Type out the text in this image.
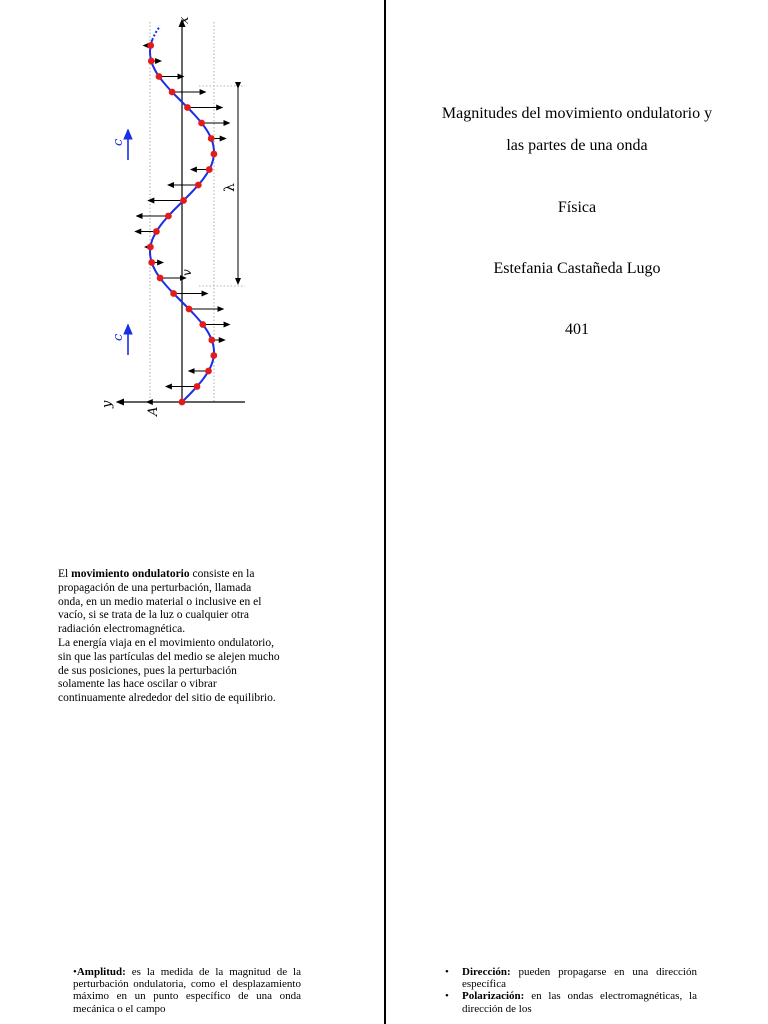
x
y
A
λ
v
c
c

El movimiento ondulatorio consiste en la

propagación de una perturbación, llamada

onda, en un medio material o inclusive en el

vacío, si se trata de la luz o cualquier otra

radiación electromagnética.

La energía viaja en el movimiento ondulatorio,

sin que las partículas del medio se alejen mucho

de sus posiciones, pues la perturbación

solamente las hace oscilar o vibrar

continuamente alrededor del sitio de equilibrio.

•Amplitud: es la medida de la magnitud de la perturbación ondulatoria, como el desplazamiento máximo en un punto específico de una onda mecánica o el campo
Magnitudes del movimiento ondulatorio y
las partes de una onda
Física
Estefania Castañeda Lugo
401
• Dirección: pueden propagarse en una dirección específica
• Polarización: en las ondas electromagnéticas, la dirección de los
